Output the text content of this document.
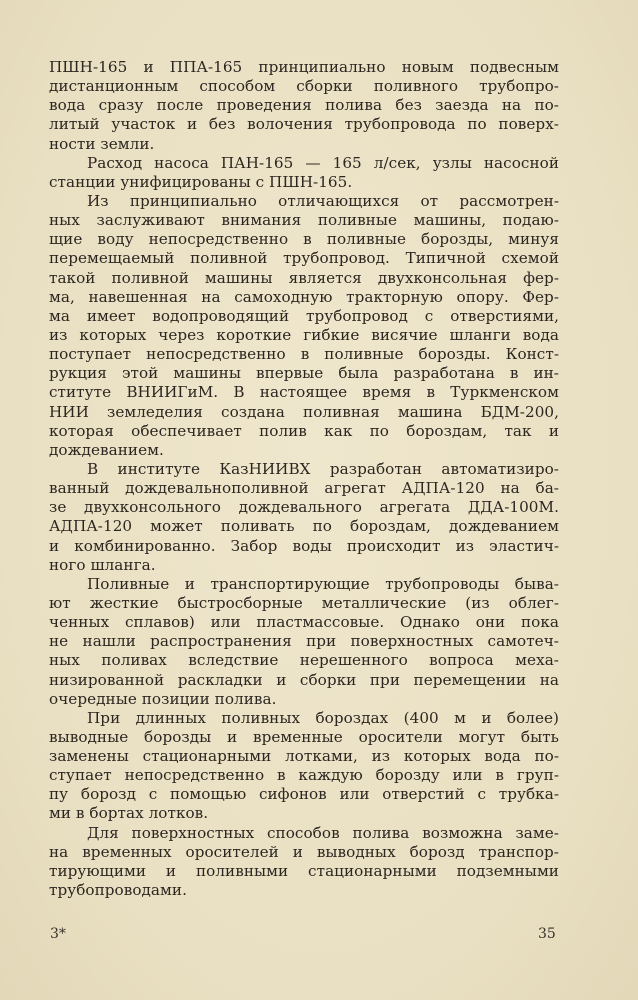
ПШН-165 и ППА-165 принципиально новым подвесным
дистанционным способом сборки поливного трубопро-
вода сразу после проведения полива без заезда на по-
литый участок и без волочения трубопровода по поверх-
ности земли.
Расход насоса ПАН-165 — 165 л/сек, узлы насосной
станции унифицированы с ПШН-165.
Из принципиально отличающихся от рассмотрен-
ных заслуживают внимания поливные машины, подаю-
щие воду непосредственно в поливные борозды, минуя
перемещаемый поливной трубопровод. Типичной схемой
такой поливной машины является двухконсольная фер-
ма, навешенная на самоходную тракторную опору. Фер-
ма имеет водопроводящий трубопровод с отверстиями,
из которых через короткие гибкие висячие шланги вода
поступает непосредственно в поливные борозды. Конст-
рукция этой машины впервые была разработана в ин-
ституте ВНИИГиМ. В настоящее время в Туркменском
НИИ земледелия создана поливная машина БДМ-200,
которая обеспечивает полив как по бороздам, так и
дождеванием.
В институте КазНИИВХ разработан автоматизиро-
ванный дождевальнополивной агрегат АДПА-120 на ба-
зе двухконсольного дождевального агрегата ДДА-100М.
АДПА-120 может поливать по бороздам, дождеванием
и комбинированно. Забор воды происходит из эластич-
ного шланга.
Поливные и транспортирующие трубопроводы быва-
ют жесткие быстросборные металлические (из облег-
ченных сплавов) или пластмассовые. Однако они пока
не нашли распространения при поверхностных самотеч-
ных поливах вследствие нерешенного вопроса меха-
низированной раскладки и сборки при перемещении на
очередные позиции полива.
При длинных поливных бороздах (400 м и более)
выводные борозды и временные оросители могут быть
заменены стационарными лотками, из которых вода по-
ступает непосредственно в каждую борозду или в груп-
пу борозд с помощью сифонов или отверстий с трубка-
ми в бортах лотков.
Для поверхностных способов полива возможна заме-
на временных оросителей и выводных борозд транспор-
тирующими и поливными стационарными подземными
трубопроводами.
3*	35
